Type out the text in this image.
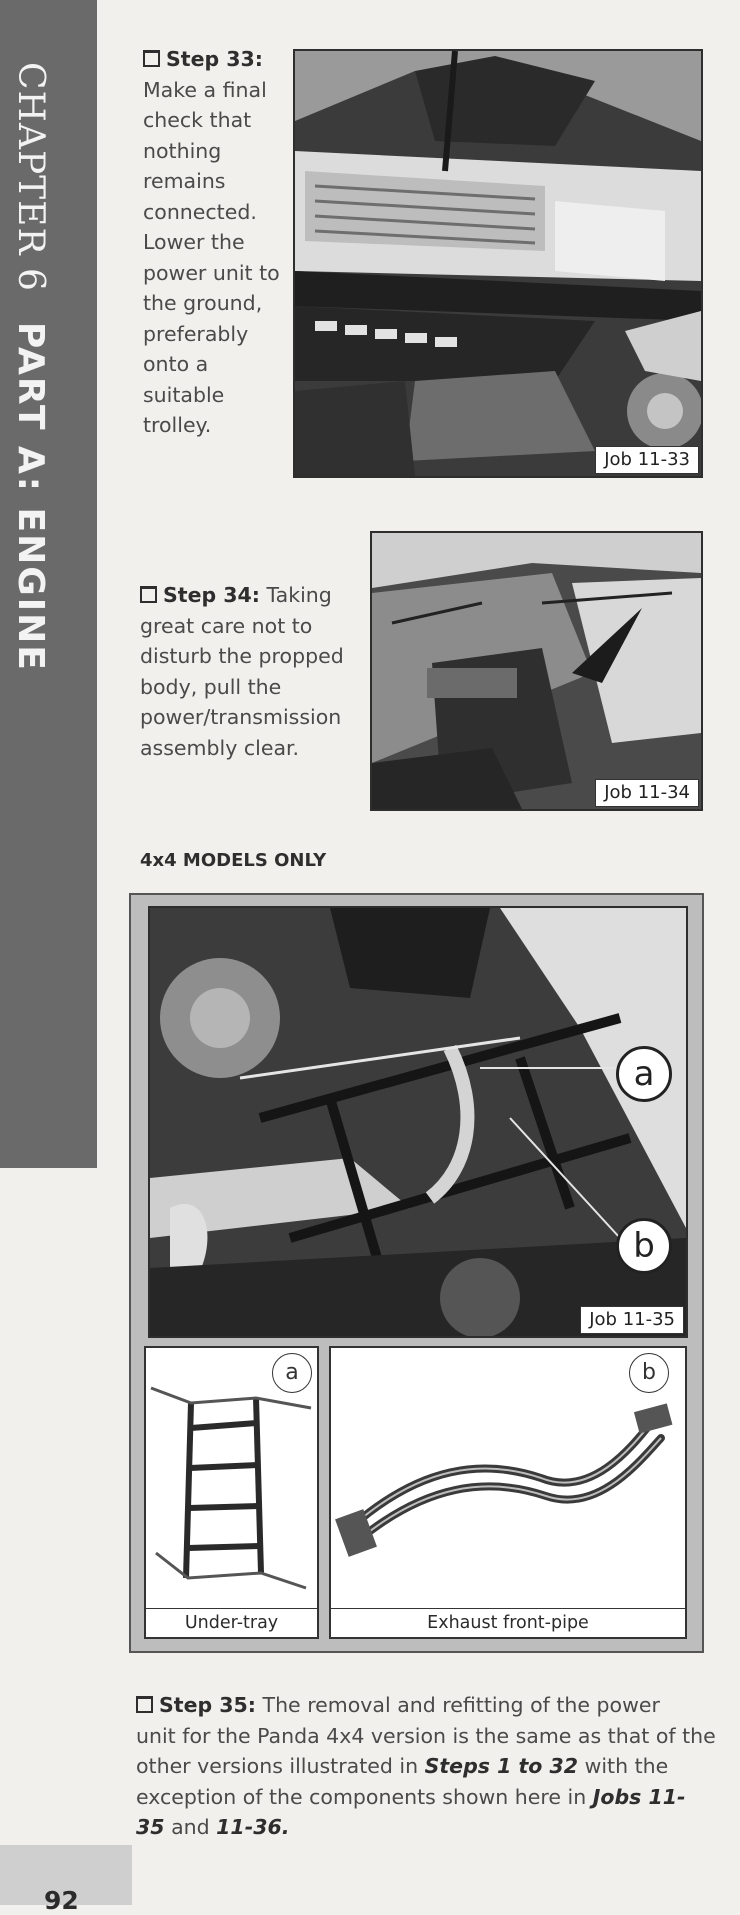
CHAPTER 6PART A: ENGINE
Step 33:
Make a final
check that
nothing
remains
connected.
Lower the
power unit to
the ground,
preferably
onto a
suitable
trolley.
Job 11-33
Step 34: Taking
great care not to
disturb the propped
body, pull the
power/transmission
assembly clear.
Job 11-34
4x4 MODELS ONLY
a
b
Job 11-35
a
Under-tray
b
Exhaust front-pipe
Step 35: The removal and refitting of the power
unit for the Panda 4x4 version is the same as that of the
other versions illustrated in Steps 1 to 32 with the
exception of the components shown here in Jobs 11-
35 and 11-36.
92
